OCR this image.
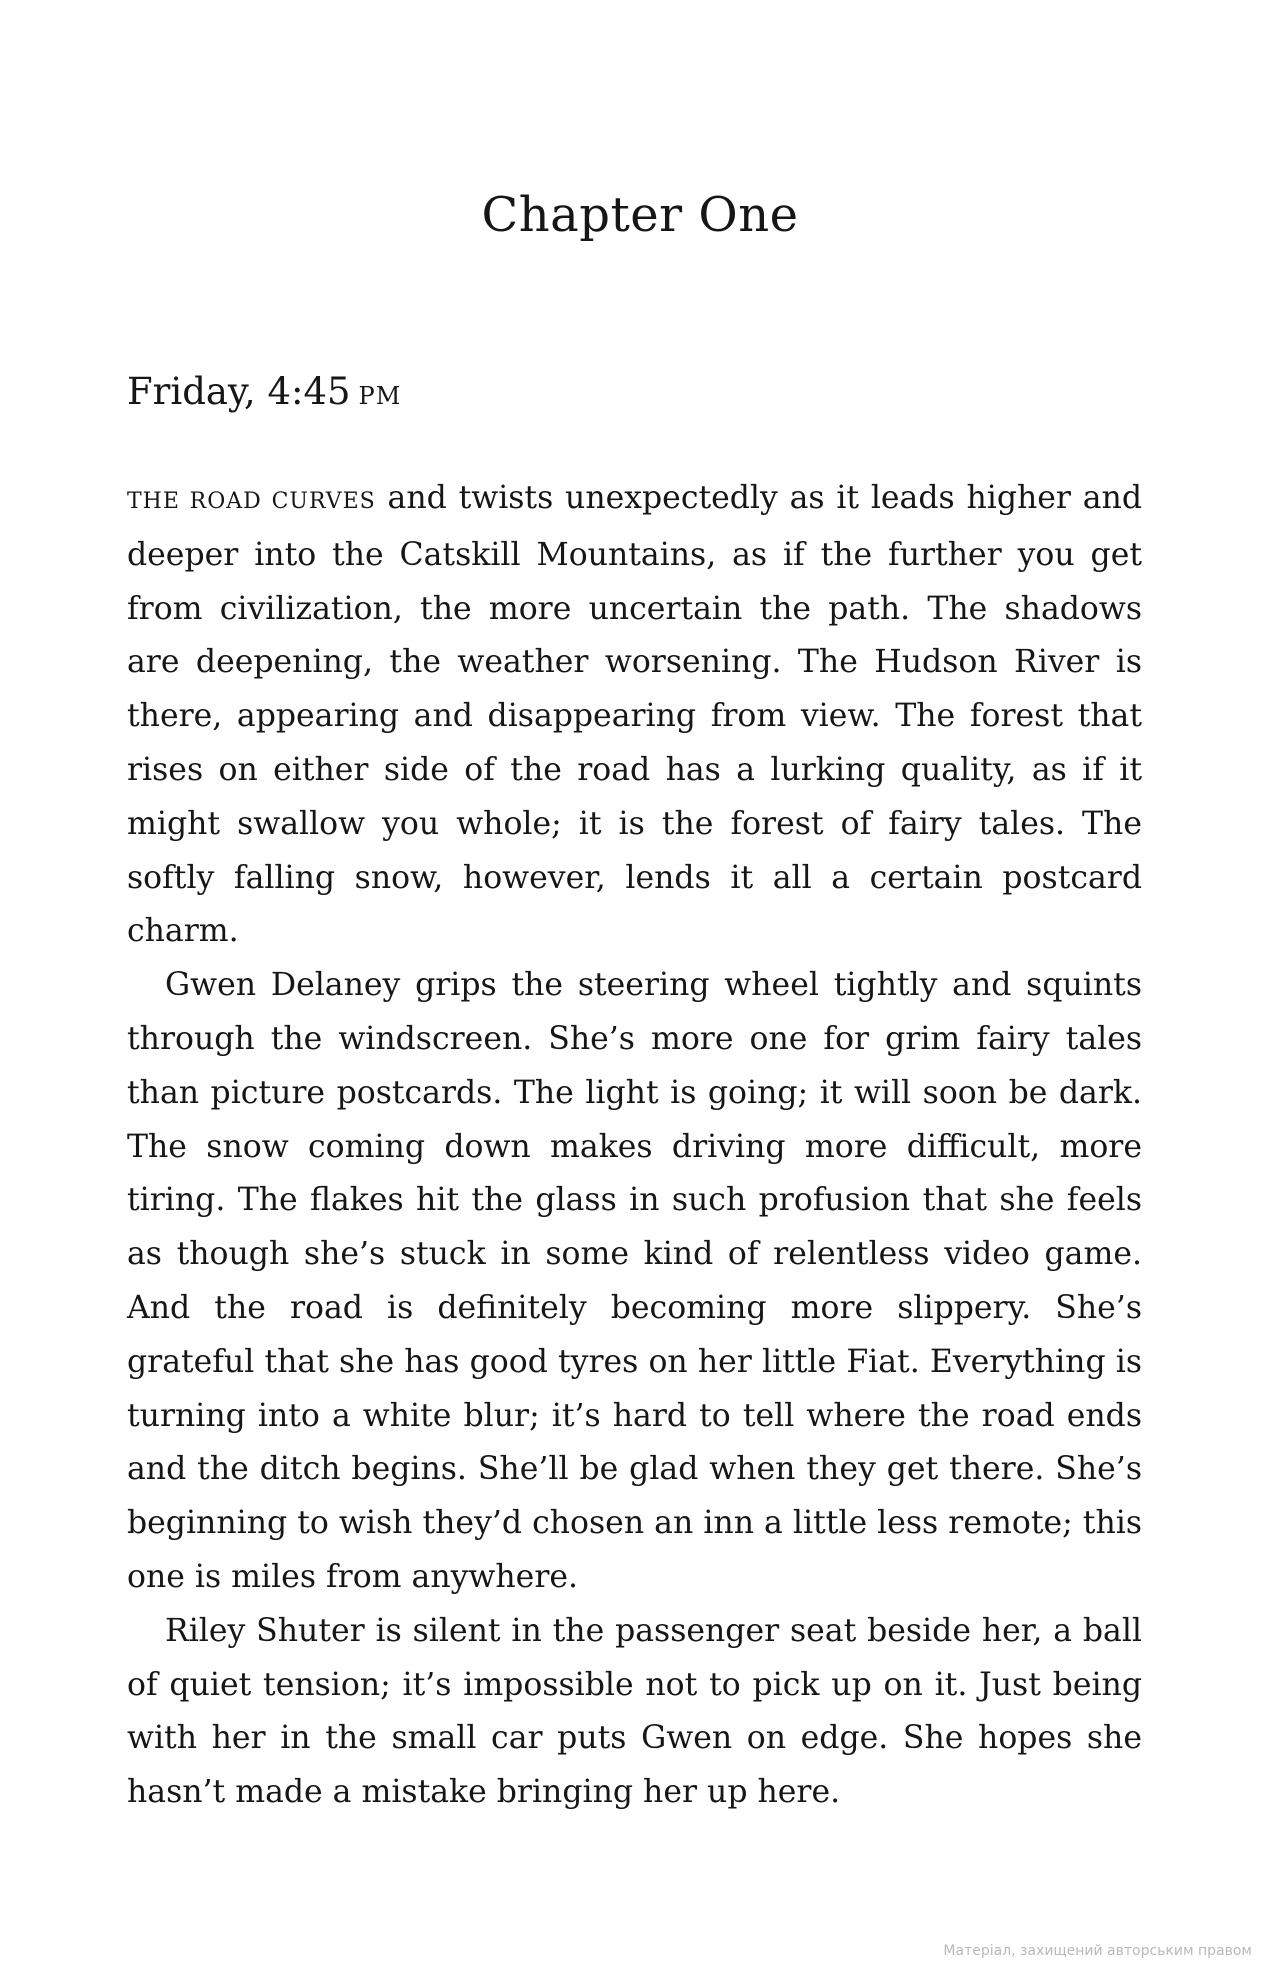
Chapter One

Friday, 4:45 PM

THE ROAD CURVES and twists unexpectedly as it leads higher and deeper into the Catskill Mountains, as if the further you get from civilization, the more uncertain the path. The shadows are deepening, the weather worsening. The Hudson River is there, appearing and disappearing from view. The forest that rises on either side of the road has a lurking quality, as if it might swallow you whole; it is the forest of fairy tales. The softly falling snow, however, lends it all a certain postcard charm.

Gwen Delaney grips the steering wheel tightly and squints through the windscreen. She’s more one for grim fairy tales than picture postcards. The light is going; it will soon be dark. The snow coming down makes driving more difficult, more tiring. The flakes hit the glass in such profusion that she feels as though she’s stuck in some kind of relentless video game. And the road is definitely becoming more slippery. She’s grateful that she has good tyres on her little Fiat. Everything is turning into a white blur; it’s hard to tell where the road ends and the ditch begins. She’ll be glad when they get there. She’s beginning to wish they’d chosen an inn a little less remote; this one is miles from anywhere.

Riley Shuter is silent in the passenger seat beside her, a ball of quiet tension; it’s impossible not to pick up on it. Just being with her in the small car puts Gwen on edge. She hopes she hasn’t made a mistake bringing her up here.

Матеріал, захищений авторським правом
